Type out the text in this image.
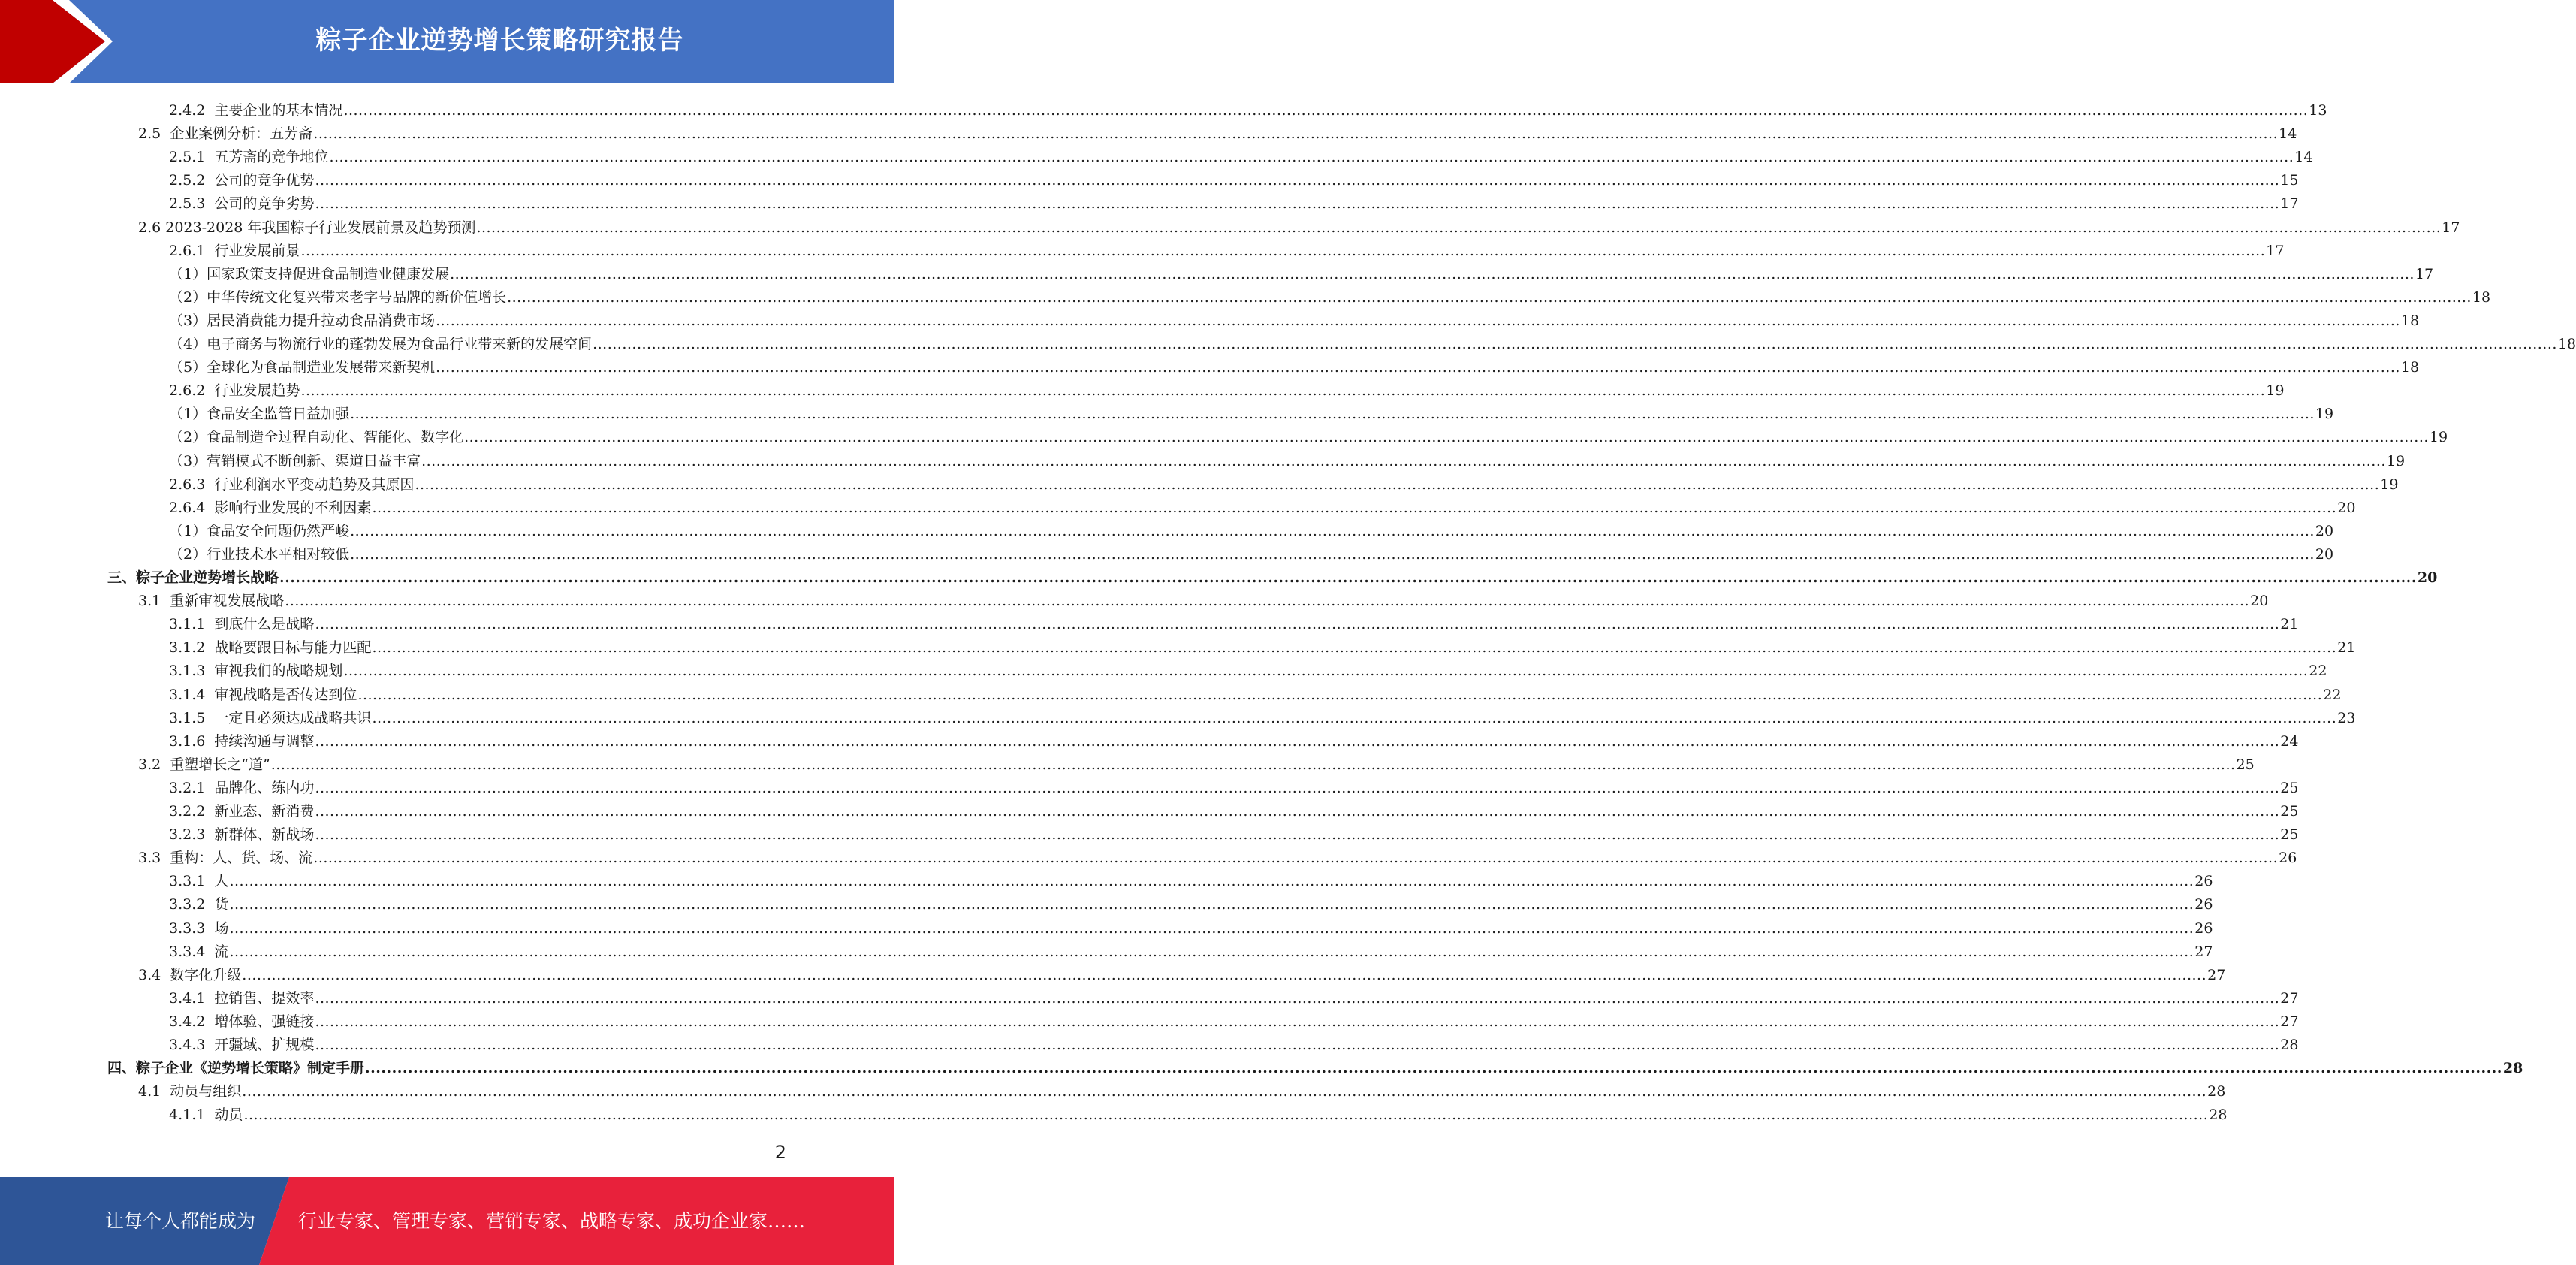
粽子企业逆势增长策略研究报告
2.4.2  主要企业的基本情况 ................................................................................................................................................................................................................................................................................................................................................................................................................ 13
2.5  企业案例分析：五芳斋 ................................................................................................................................................................................................................................................................................................................................................................................................................ 14
2.5.1  五芳斋的竞争地位 ................................................................................................................................................................................................................................................................................................................................................................................................................ 14
2.5.2  公司的竞争优势 ................................................................................................................................................................................................................................................................................................................................................................................................................ 15
2.5.3  公司的竞争劣势 ................................................................................................................................................................................................................................................................................................................................................................................................................ 17
2.6 2023-2028 年我国粽子行业发展前景及趋势预测 ................................................................................................................................................................................................................................................................................................................................................................................................................ 17
2.6.1  行业发展前景 ................................................................................................................................................................................................................................................................................................................................................................................................................ 17
（1）国家政策支持促进食品制造业健康发展 ................................................................................................................................................................................................................................................................................................................................................................................................................ 17
（2）中华传统文化复兴带来老字号品牌的新价值增长 ................................................................................................................................................................................................................................................................................................................................................................................................................ 18
（3）居民消费能力提升拉动食品消费市场 ................................................................................................................................................................................................................................................................................................................................................................................................................ 18
（4）电子商务与物流行业的蓬勃发展为食品行业带来新的发展空间 ................................................................................................................................................................................................................................................................................................................................................................................................................ 18
（5）全球化为食品制造业发展带来新契机 ................................................................................................................................................................................................................................................................................................................................................................................................................ 18
2.6.2  行业发展趋势 ................................................................................................................................................................................................................................................................................................................................................................................................................ 19
（1）食品安全监管日益加强 ................................................................................................................................................................................................................................................................................................................................................................................................................ 19
（2）食品制造全过程自动化、智能化、数字化 ................................................................................................................................................................................................................................................................................................................................................................................................................ 19
（3）营销模式不断创新、渠道日益丰富 ................................................................................................................................................................................................................................................................................................................................................................................................................ 19
2.6.3  行业利润水平变动趋势及其原因 ................................................................................................................................................................................................................................................................................................................................................................................................................ 19
2.6.4  影响行业发展的不利因素 ................................................................................................................................................................................................................................................................................................................................................................................................................ 20
（1）食品安全问题仍然严峻 ................................................................................................................................................................................................................................................................................................................................................................................................................ 20
（2）行业技术水平相对较低 ................................................................................................................................................................................................................................................................................................................................................................................................................ 20
三、粽子企业逆势增长战略 ................................................................................................................................................................................................................................................................................................................................................................................................................ 20
3.1  重新审视发展战略 ................................................................................................................................................................................................................................................................................................................................................................................................................ 20
3.1.1  到底什么是战略 ................................................................................................................................................................................................................................................................................................................................................................................................................ 21
3.1.2  战略要跟目标与能力匹配 ................................................................................................................................................................................................................................................................................................................................................................................................................ 21
3.1.3  审视我们的战略规划 ................................................................................................................................................................................................................................................................................................................................................................................................................ 22
3.1.4  审视战略是否传达到位 ................................................................................................................................................................................................................................................................................................................................................................................................................ 22
3.1.5  一定且必须达成战略共识 ................................................................................................................................................................................................................................................................................................................................................................................................................ 23
3.1.6  持续沟通与调整 ................................................................................................................................................................................................................................................................................................................................................................................................................ 24
3.2  重塑增长之“道” ................................................................................................................................................................................................................................................................................................................................................................................................................ 25
3.2.1  品牌化、练内功 ................................................................................................................................................................................................................................................................................................................................................................................................................ 25
3.2.2  新业态、新消费 ................................................................................................................................................................................................................................................................................................................................................................................................................ 25
3.2.3  新群体、新战场 ................................................................................................................................................................................................................................................................................................................................................................................................................ 25
3.3  重构：人、货、场、流 ................................................................................................................................................................................................................................................................................................................................................................................................................ 26
3.3.1  人 ................................................................................................................................................................................................................................................................................................................................................................................................................ 26
3.3.2  货 ................................................................................................................................................................................................................................................................................................................................................................................................................ 26
3.3.3  场 ................................................................................................................................................................................................................................................................................................................................................................................................................ 26
3.3.4  流 ................................................................................................................................................................................................................................................................................................................................................................................................................ 27
3.4  数字化升级 ................................................................................................................................................................................................................................................................................................................................................................................................................ 27
3.4.1  拉销售、提效率 ................................................................................................................................................................................................................................................................................................................................................................................................................ 27
3.4.2  增体验、强链接 ................................................................................................................................................................................................................................................................................................................................................................................................................ 27
3.4.3  开疆域、扩规模 ................................................................................................................................................................................................................................................................................................................................................................................................................ 28
四、粽子企业《逆势增长策略》制定手册 ................................................................................................................................................................................................................................................................................................................................................................................................................ 28
4.1  动员与组织 ................................................................................................................................................................................................................................................................................................................................................................................................................ 28
4.1.1  动员 ................................................................................................................................................................................................................................................................................................................................................................................................................ 28
2
让每个人都能成为 行业专家、管理专家、营销专家、战略专家、成功企业家……
